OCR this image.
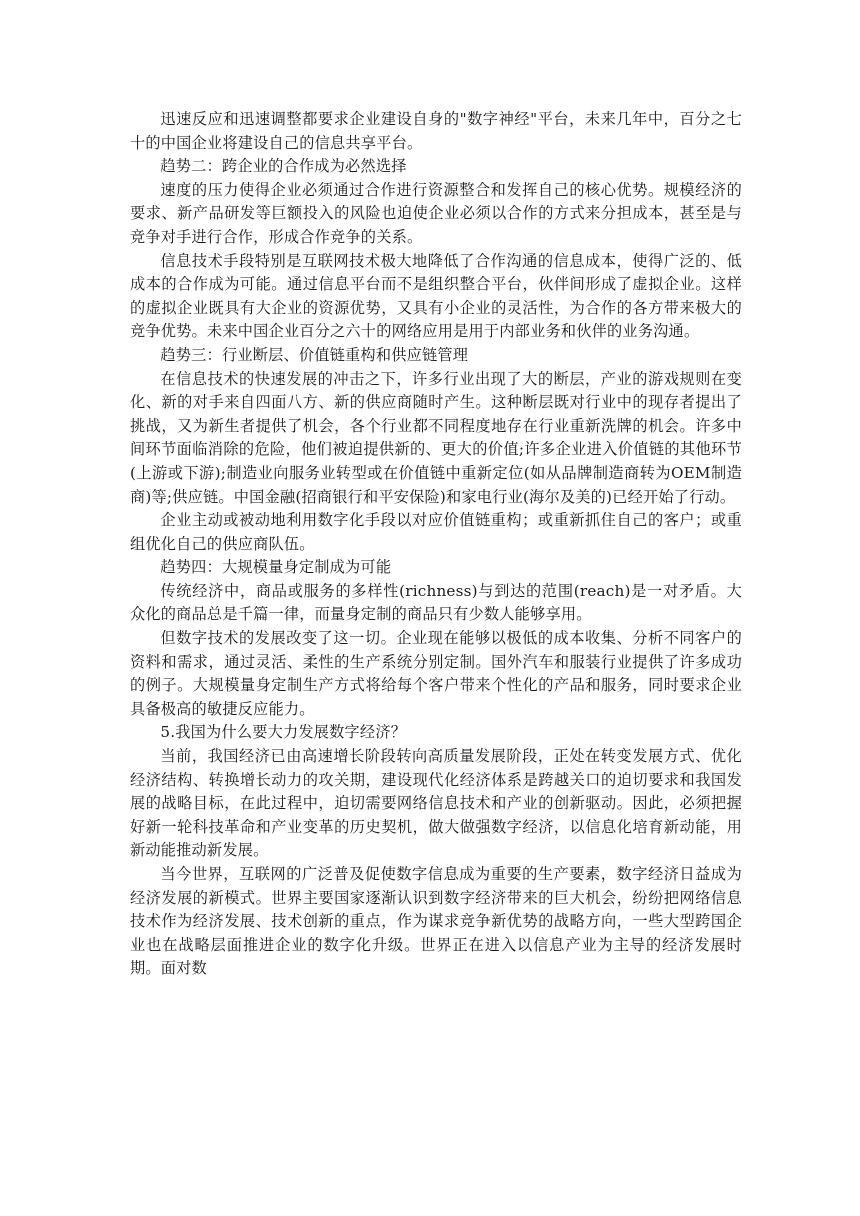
迅速反应和迅速调整都要求企业建设自身的"数字神经"平台，未来几年中，百分之七十的中国企业将建设自己的信息共享平台。

趋势二：跨企业的合作成为必然选择

速度的压力使得企业必须通过合作进行资源整合和发挥自己的核心优势。规模经济的要求、新产品研发等巨额投入的风险也迫使企业必须以合作的方式来分担成本，甚至是与竞争对手进行合作，形成合作竞争的关系。

信息技术手段特别是互联网技术极大地降低了合作沟通的信息成本，使得广泛的、低成本的合作成为可能。通过信息平台而不是组织整合平台，伙伴间形成了虚拟企业。这样的虚拟企业既具有大企业的资源优势，又具有小企业的灵活性，为合作的各方带来极大的竞争优势。未来中国企业百分之六十的网络应用是用于内部业务和伙伴的业务沟通。

趋势三：行业断层、价值链重构和供应链管理

在信息技术的快速发展的冲击之下，许多行业出现了大的断层，产业的游戏规则在变化、新的对手来自四面八方、新的供应商随时产生。这种断层既对行业中的现存者提出了挑战，又为新生者提供了机会，各个行业都不同程度地存在行业重新洗牌的机会。许多中间环节面临消除的危险，他们被迫提供新的、更大的价值;许多企业进入价值链的其他环节(上游或下游);制造业向服务业转型或在价值链中重新定位(如从品牌制造商转为OEM制造商)等;供应链。中国金融(招商银行和平安保险)和家电行业(海尔及美的)已经开始了行动。

企业主动或被动地利用数字化手段以对应价值链重构；或重新抓住自己的客户；或重组优化自己的供应商队伍。

趋势四：大规模量身定制成为可能

传统经济中，商品或服务的多样性(richness)与到达的范围(reach)是一对矛盾。大众化的商品总是千篇一律，而量身定制的商品只有少数人能够享用。

但数字技术的发展改变了这一切。企业现在能够以极低的成本收集、分析不同客户的资料和需求，通过灵活、柔性的生产系统分别定制。国外汽车和服装行业提供了许多成功的例子。大规模量身定制生产方式将给每个客户带来个性化的产品和服务，同时要求企业具备极高的敏捷反应能力。

5.我国为什么要大力发展数字经济？

当前，我国经济已由高速增长阶段转向高质量发展阶段，正处在转变发展方式、优化经济结构、转换增长动力的攻关期，建设现代化经济体系是跨越关口的迫切要求和我国发展的战略目标，在此过程中，迫切需要网络信息技术和产业的创新驱动。因此，必须把握好新一轮科技革命和产业变革的历史契机，做大做强数字经济，以信息化培育新动能，用新动能推动新发展。

当今世界，互联网的广泛普及促使数字信息成为重要的生产要素，数字经济日益成为经济发展的新模式。世界主要国家逐渐认识到数字经济带来的巨大机会，纷纷把网络信息技术作为经济发展、技术创新的重点，作为谋求竞争新优势的战略方向，一些大型跨国企业也在战略层面推进企业的数字化升级。世界正在进入以信息产业为主导的经济发展时期。面对数
